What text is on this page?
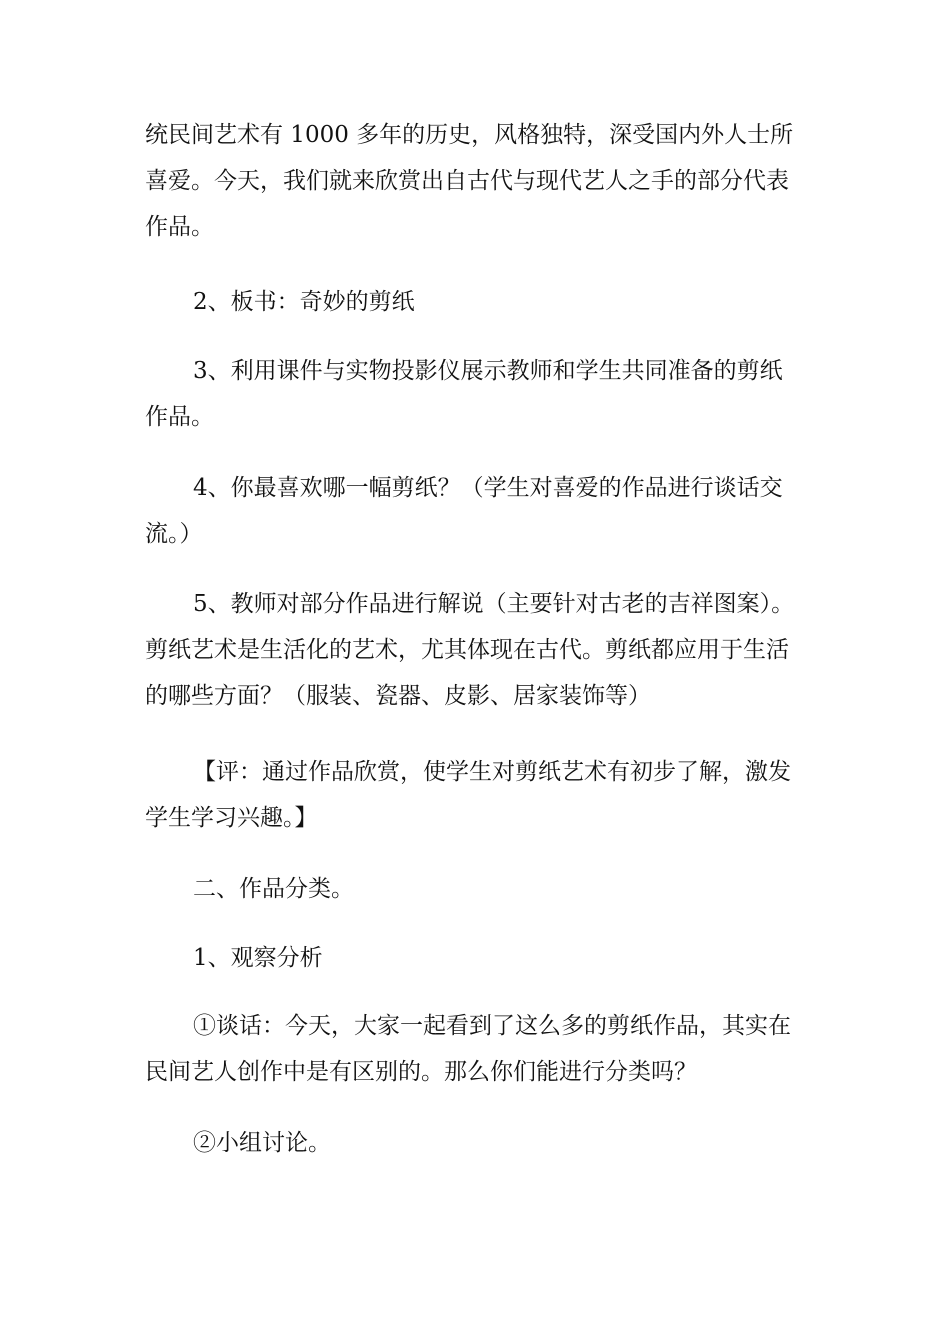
统民间艺术有 1000 多年的历史，风格独特，深受国内外人士所
喜爱。今天，我们就来欣赏出自古代与现代艺人之手的部分代表
作品。

2、板书：奇妙的剪纸

3、利用课件与实物投影仪展示教师和学生共同准备的剪纸
作品。

4、你最喜欢哪一幅剪纸？（学生对喜爱的作品进行谈话交
流。）

5、教师对部分作品进行解说（主要针对古老的吉祥图案）。
剪纸艺术是生活化的艺术，尤其体现在古代。剪纸都应用于生活
的哪些方面？（服装、瓷器、皮影、居家装饰等）

【评：通过作品欣赏，使学生对剪纸艺术有初步了解，激发
学生学习兴趣。】

二、作品分类。

1、观察分析

①谈话：今天，大家一起看到了这么多的剪纸作品，其实在
民间艺人创作中是有区别的。那么你们能进行分类吗？

②小组讨论。
